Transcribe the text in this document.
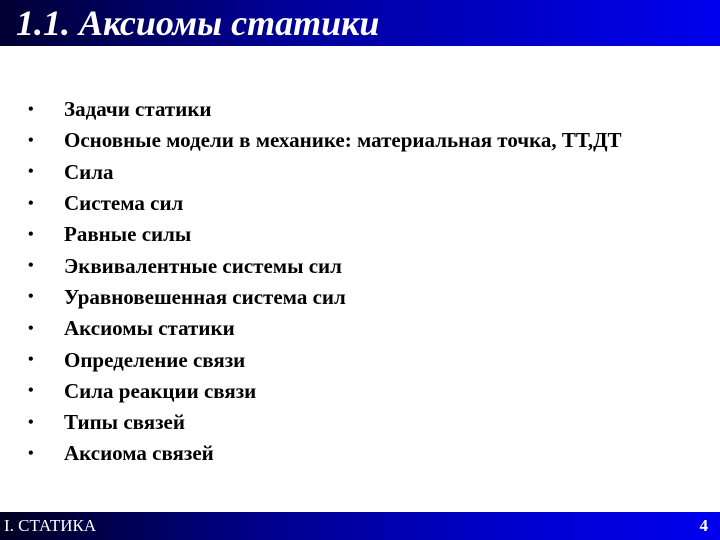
1.1. Аксиомы статики
•	Задачи статики
•	Основные модели в механике: материальная точка, ТТ,ДТ
•	Сила
•	Система сил
•	Равные силы
•	Эквивалентные системы сил
•	Уравновешенная система сил
•	Аксиомы статики
•	Определение связи
•	Сила реакции связи
•	Типы связей
•	Аксиома связей
I. СТАТИКА	4
